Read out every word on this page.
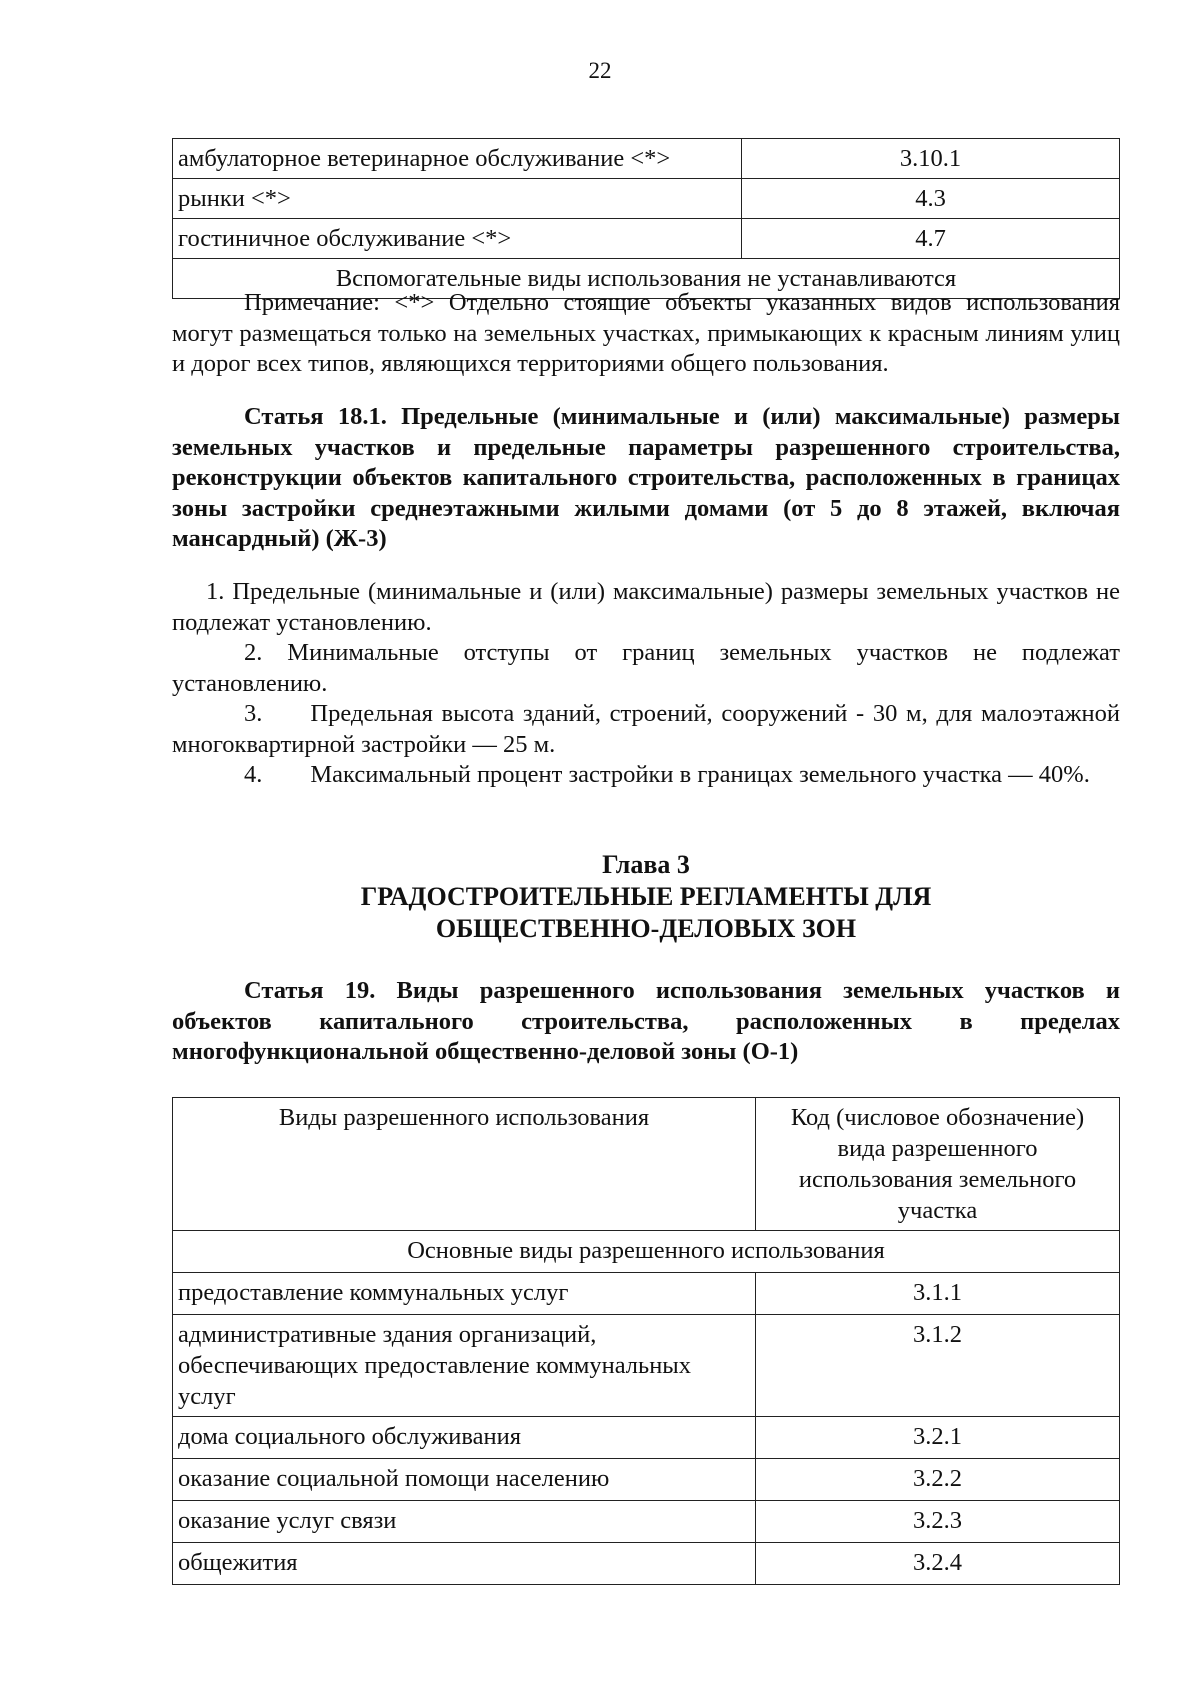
22
амбулаторное ветеринарное обслуживание <*>	3.10.1
рынки <*>	4.3
гостиничное обслуживание <*>	4.7
Вспомогательные виды использования не устанавливаются	

Примечание: <*> Отдельно стоящие объекты указанных видов использования могут размещаться только на земельных участках, примыкающих к красным линиям улиц и дорог всех типов, являющихся территориями общего пользования.

Статья 18.1. Предельные (минимальные и (или) максимальные) размеры земельных участков и предельные параметры разрешенного строительства, реконструкции объектов капитального строительства, расположенных в границах зоны застройки среднеэтажными жилыми домами (от 5 до 8 этажей, включая мансардный) (Ж-3)

1. Предельные (минимальные и (или) максимальные) размеры земельных участков не подлежат установлению.

2. Минимальные отступы от границ земельных участков не подлежат установлению.

3. Предельная высота зданий, строений, сооружений - 30 м, для малоэтажной многоквартирной застройки — 25 м.

4. Максимальный процент застройки в границах земельного участка — 40%.

Глава 3
ГРАДОСТРОИТЕЛЬНЫЕ РЕГЛАМЕНТЫ ДЛЯ
ОБЩЕСТВЕННО-ДЕЛОВЫХ ЗОН

Статья 19. Виды разрешенного использования земельных участков и объектов капитального строительства, расположенных в пределах многофункциональной общественно-деловой зоны (О-1)

Виды разрешенного использования	Код (числовое обозначение) вида разрешенного использования земельного участка
Основные виды разрешенного использования	
предоставление коммунальных услуг	3.1.1
административные здания организаций, обеспечивающих предоставление коммунальных услуг	3.1.2
дома социального обслуживания	3.2.1
оказание социальной помощи населению	3.2.2
оказание услуг связи	3.2.3
общежития	3.2.4
